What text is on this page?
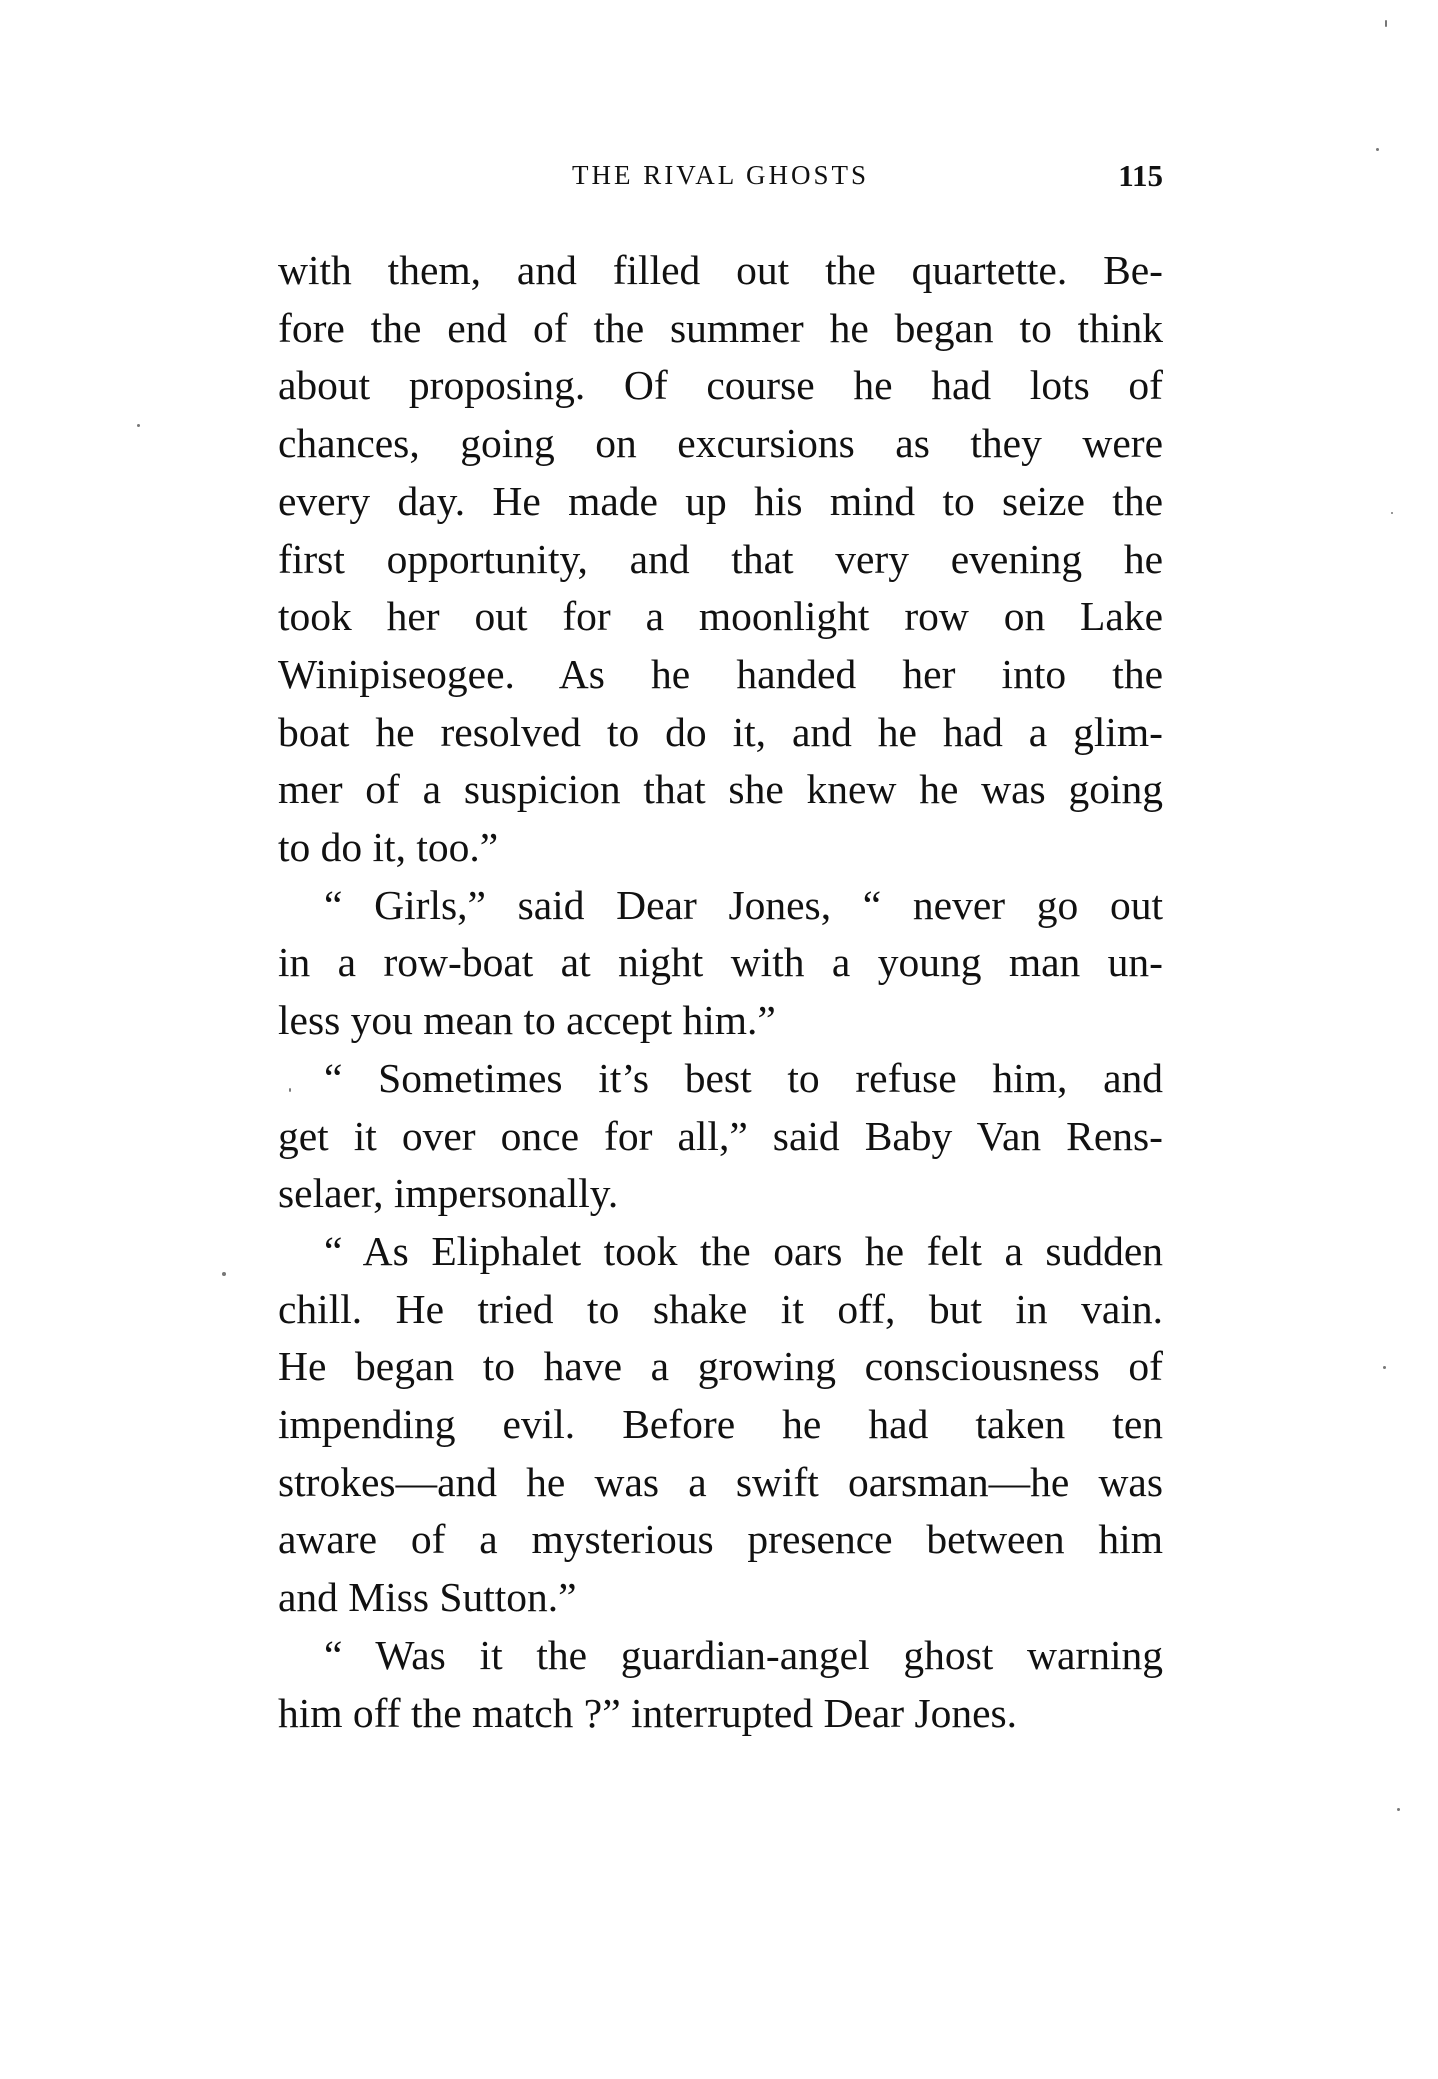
THE RIVAL GHOSTS	115
with them, and filled out the quartette. Be-
fore the end of the summer he began to think
about proposing. Of course he had lots of
chances, going on excursions as they were
every day. He made up his mind to seize the
first opportunity, and that very evening he
took her out for a moonlight row on Lake
Winipiseogee. As he handed her into the
boat he resolved to do it, and he had a glim-
mer of a suspicion that she knew he was going
to do it, too.”
“ Girls,” said Dear Jones, “ never go out
in a row-boat at night with a young man un-
less you mean to accept him.”
“ Sometimes it’s best to refuse him, and
get it over once for all,” said Baby Van Rens-
selaer, impersonally.
“ As Eliphalet took the oars he felt a sudden
chill. He tried to shake it off, but in vain.
He began to have a growing consciousness of
impending evil. Before he had taken ten
strokes—and he was a swift oarsman—he was
aware of a mysterious presence between him
and Miss Sutton.”
“ Was it the guardian-angel ghost warning
him off the match ?” interrupted Dear Jones.
